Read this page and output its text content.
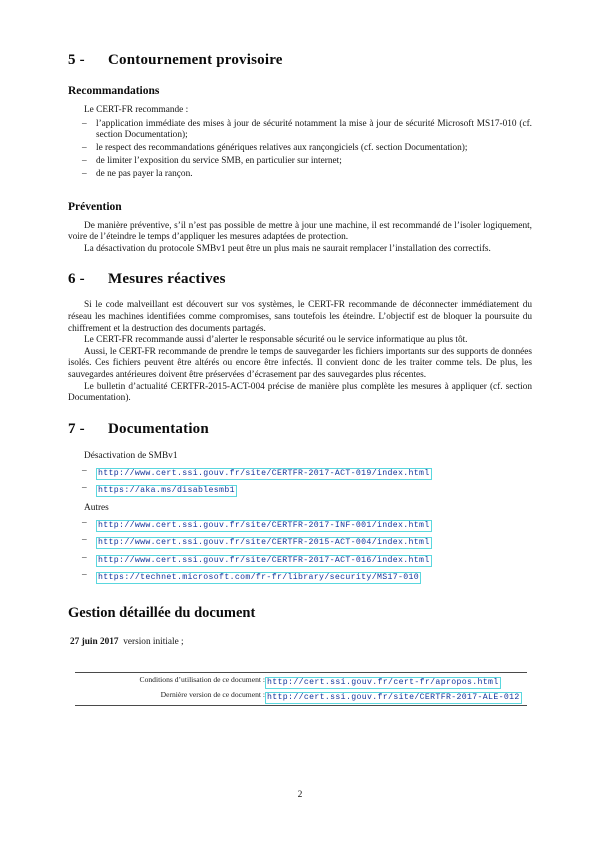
5 -	Contournement provisoire
Recommandations
Le CERT-FR recommande :
– l’application immédiate des mises à jour de sécurité notamment la mise à jour de sécurité Microsoft MS17-010 (cf. section Documentation);
– le respect des recommandations génériques relatives aux rançongiciels (cf. section Documentation);
– de limiter l’exposition du service SMB, en particulier sur internet;
– de ne pas payer la rançon.
Prévention

De manière préventive, s’il n’est pas possible de mettre à jour une machine, il est recommandé de l’isoler logiquement, voire de l’éteindre le temps d’appliquer les mesures adaptées de protection.

La désactivation du protocole SMBv1 peut être un plus mais ne saurait remplacer l’installation des correctifs.

6 -	Mesures réactives

Si le code malveillant est découvert sur vos systèmes, le CERT-FR recommande de déconnecter immédiatement du réseau les machines identifiées comme compromises, sans toutefois les éteindre. L’objectif est de bloquer la poursuite du chiffrement et la destruction des documents partagés.

Le CERT-FR recommande aussi d’alerter le responsable sécurité ou le service informatique au plus tôt.

Aussi, le CERT-FR recommande de prendre le temps de sauvegarder les fichiers importants sur des supports de données isolés. Ces fichiers peuvent être altérés ou encore être infectés. Il convient donc de les traiter comme tels. De plus, les sauvegardes antérieures doivent être préservées d’écrasement par des sauvegardes plus récentes.

Le bulletin d’actualité CERTFR-2015-ACT-004 précise de manière plus complète les mesures à appliquer (cf. section Documentation).

7 -	Documentation
Désactivation de SMBv1
– http://www.cert.ssi.gouv.fr/site/CERTFR-2017-ACT-019/index.html
– https://aka.ms/disablesmb1
Autres
– http://www.cert.ssi.gouv.fr/site/CERTFR-2017-INF-001/index.html
– http://www.cert.ssi.gouv.fr/site/CERTFR-2015-ACT-004/index.html
– http://www.cert.ssi.gouv.fr/site/CERTFR-2017-ACT-016/index.html
– https://technet.microsoft.com/fr-fr/library/security/MS17-010
Gestion détaillée du document
27 juin 2017 version initiale ;
Conditions d’utilisation de ce document :	http://cert.ssi.gouv.fr/cert-fr/apropos.html
Dernière version de ce document :	http://cert.ssi.gouv.fr/site/CERTFR-2017-ALE-012
2
